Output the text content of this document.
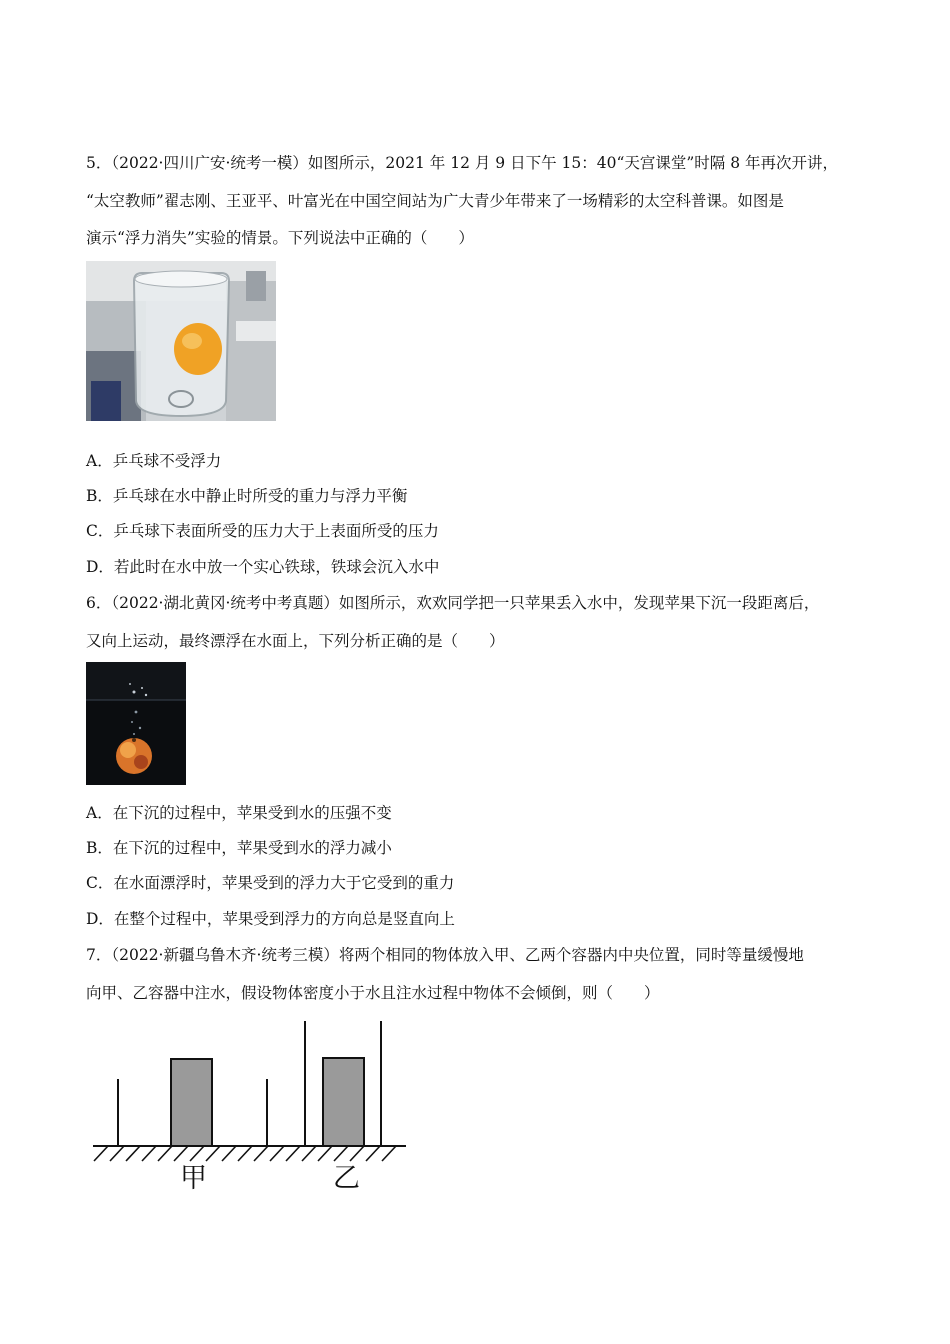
5．（2022·四川广安·统考一模）如图所示，2021 年 12 月 9 日下午 15：40“天宫课堂”时隔 8 年再次开讲，
“太空教师”翟志刚、王亚平、叶富光在中国空间站为广大青少年带来了一场精彩的太空科普课。如图是
演示“浮力消失”实验的情景。下列说法中正确的（　　）
A．乒乓球不受浮力
B．乒乓球在水中静止时所受的重力与浮力平衡
C．乒乓球下表面所受的压力大于上表面所受的压力
D．若此时在水中放一个实心铁球，铁球会沉入水中
6．（2022·湖北黄冈·统考中考真题）如图所示，欢欢同学把一只苹果丢入水中，发现苹果下沉一段距离后，
又向上运动，最终漂浮在水面上，下列分析正确的是（　　）
A．在下沉的过程中，苹果受到水的压强不变
B．在下沉的过程中，苹果受到水的浮力减小
C．在水面漂浮时，苹果受到的浮力大于它受到的重力
D．在整个过程中，苹果受到浮力的方向总是竖直向上
7．（2022·新疆乌鲁木齐·统考三模）将两个相同的物体放入甲、乙两个容器内中央位置，同时等量缓慢地
向甲、乙容器中注水，假设物体密度小于水且注水过程中物体不会倾倒，则（　　）
甲	乙
